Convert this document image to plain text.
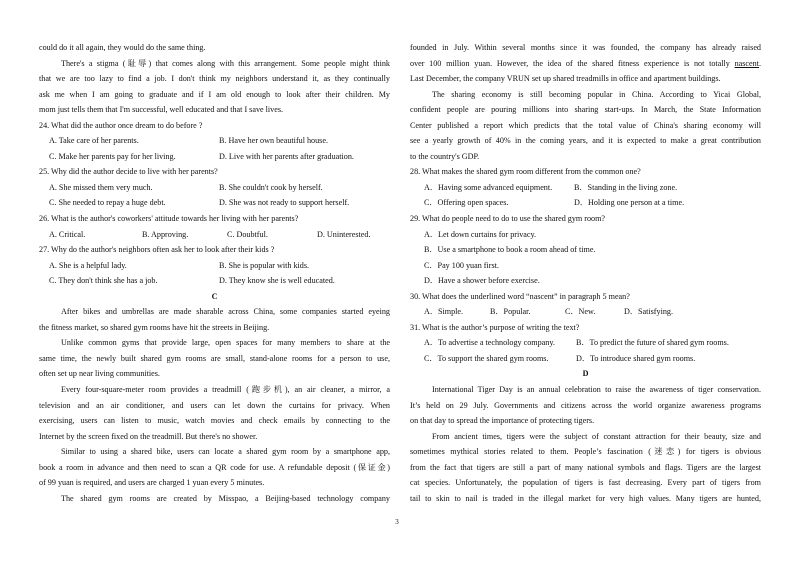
could do it all again, they would do the same thing.

There's a stigma (耻辱) that comes along with this arrangement. Some people might think

that we are too lazy to find a job. I don't think my neighbors understand it, as they continually

ask me when I am going to graduate and if I am old enough to look after their children. My

mom just tells them that I'm successful, well educated and that I save lives.

24. What did the author once dream to do before ?

A. Take care of her parents.	B. Have her own beautiful house.
C. Make her parents pay for her living.	D. Live with her parents after graduation.

25. Why did the author decide to live with her parents?

A. She missed them very much.	B. She couldn't cook by herself.
C. She needed to repay a huge debt.	D. She was not ready to support herself.

26. What is the author's coworkers' attitude towards her living with her parents?

A. Critical.	B. Approving.	C. Doubtful.	D. Uninterested.

27. Why do the author's neighbors often ask her to look after their kids ?

A. She is a helpful lady.	B. She is popular with kids.
C. They don't think she has a job.	D. They know she is well educated.

C

After bikes and umbrellas are made sharable across China, some companies started eyeing

the fitness market, so shared gym rooms have hit the streets in Beijing.

Unlike common gyms that provide large, open spaces for many members to share at the

same time, the newly built shared gym rooms are small, stand-alone rooms for a person to use,

often set up near living communities.

Every four-square-meter room provides a treadmill (跑步机), an air cleaner, a mirror, a

television and an air conditioner, and users can let down the curtains for privacy. When

exercising, users can listen to music, watch movies and check emails by connecting to the

Internet by the screen fixed on the treadmill. But there's no shower.

Similar to using a shared bike, users can locate a shared gym room by a smartphone app,

book a room in advance and then need to scan a QR code for use. A refundable deposit (保证金)

of 99 yuan is required, and users are charged 1 yuan every 5 minutes.

The shared gym rooms are created by Misspao, a Beijing-based technology company

founded in July. Within several months since it was founded, the company has already raised

over 100 million yuan. However, the idea of the shared fitness experience is not totally nascent.

Last December, the company VRUN set up shared treadmills in office and apartment buildings.

The sharing economy is still becoming popular in China. According to Yicai Global,

confident people are pouring millions into sharing start-ups. In March, the State Information

Center published a report which predicts that the total value of China's sharing economy will

see a yearly growth of 40% in the coming years, and it is expected to make a great contribution

to the country's GDP.

28. What makes the shared gym room different from the common one?

A．Having some advanced equipment.	B．Standing in the living zone.
C．Offering open spaces.	D．Holding one person at a time.

29. What do people need to do to use the shared gym room?

A．Let down curtains for privacy.

B．Use a smartphone to book a room ahead of time.

C．Pay 100 yuan first.

D．Have a shower before exercise.

30. What does the underlined word “nascent” in paragraph 5 mean?

A．Simple.	B．Popular.	C．New.	D．Satisfying.

31. What is the author’s purpose of writing the text?

A．To advertise a technology company.	B．To predict the future of shared gym rooms.
C．To support the shared gym rooms.	D．To introduce shared gym rooms.

D

International Tiger Day is an annual celebration to raise the awareness of tiger conservation.

It’s held on 29 July. Governments and citizens across the world organize awareness programs

on that day to spread the importance of protecting tigers.

From ancient times, tigers were the subject of constant attraction for their beauty, size and

sometimes mythical stories related to them. People’s fascination (迷恋) for tigers is obvious

from the fact that tigers are still a part of many national symbols and flags. Tigers are the largest

cat species. Unfortunately, the population of tigers is fast decreasing. Every part of tigers from

tail to skin to nail is traded in the illegal market for very high values. Many tigers are hunted,

3
